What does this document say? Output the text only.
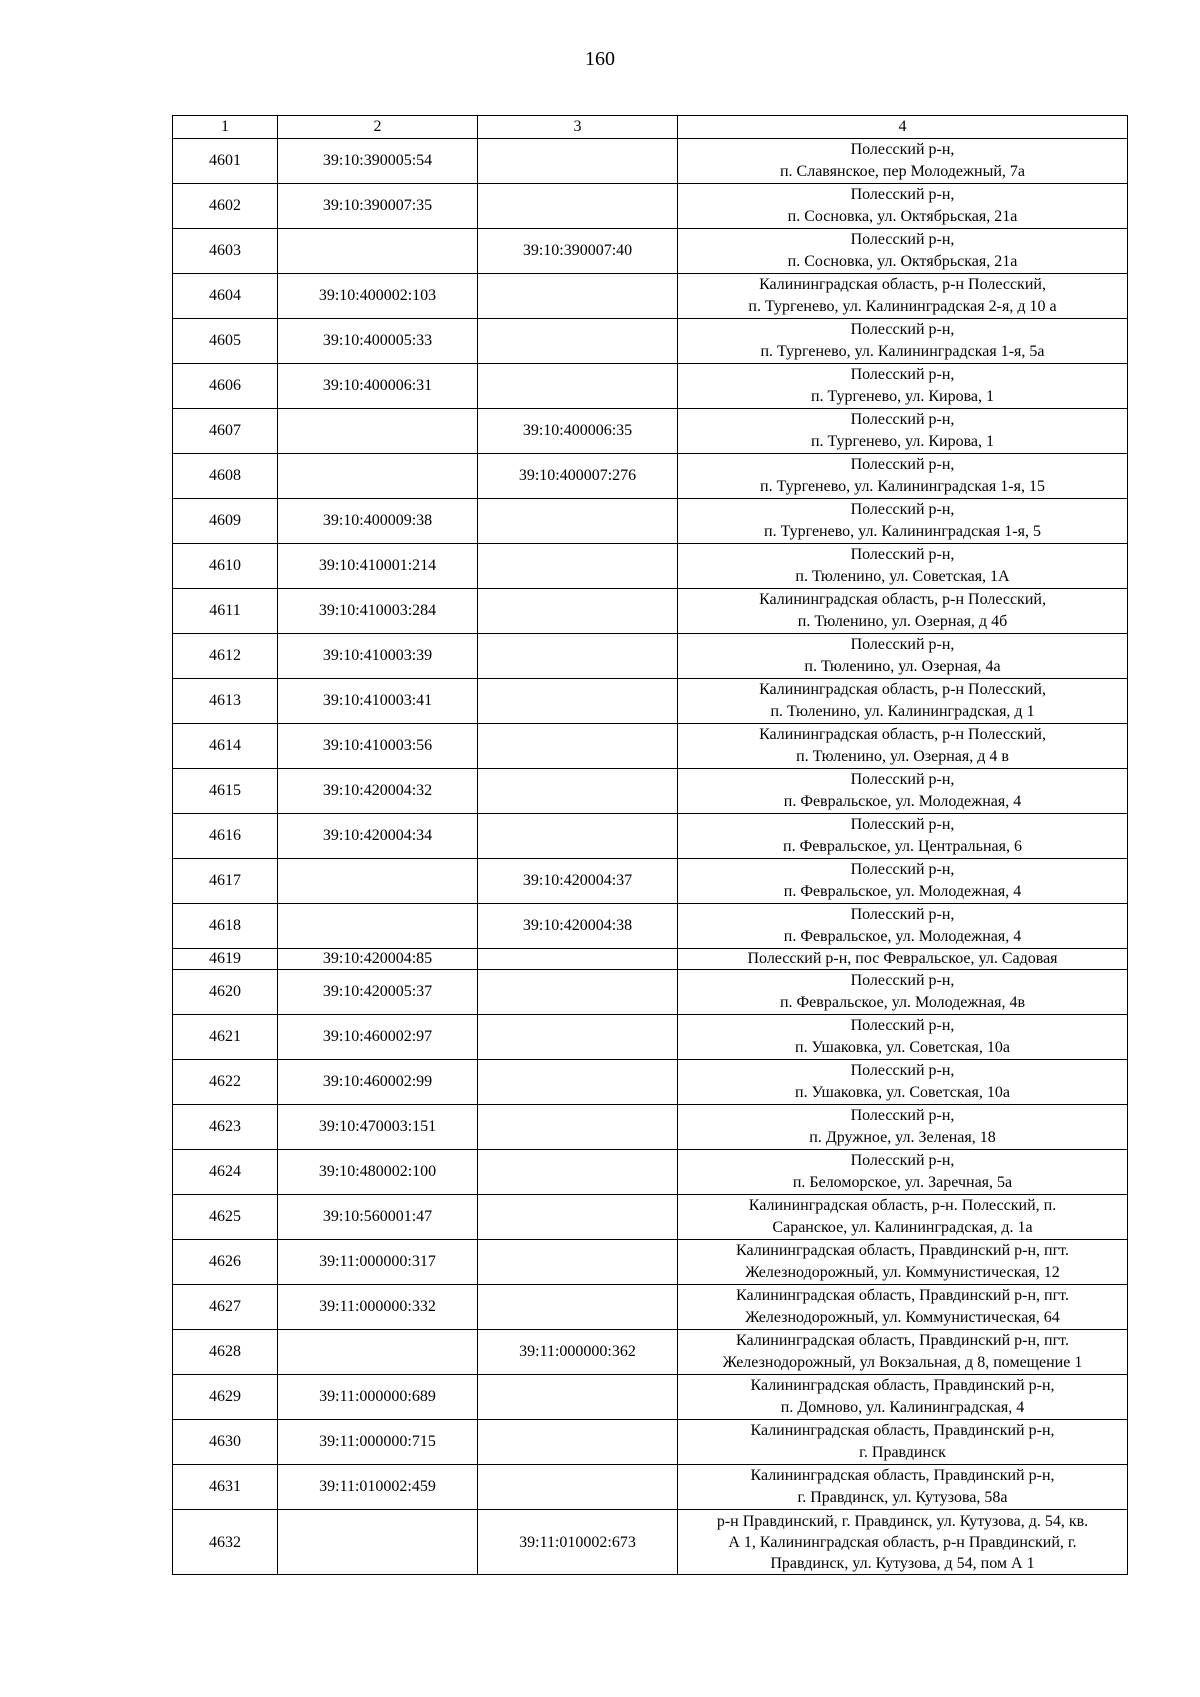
160
1	2	3	4
4601	39:10:390005:54		Полесский р-н,
п. Славянское, пер Молодежный, 7а

4602	39:10:390007:35		Полесский р-н,
п. Сосновка, ул. Октябрьская, 21а

4603		39:10:390007:40	Полесский р-н,
п. Сосновка, ул. Октябрьская, 21а

4604	39:10:400002:103		Калининградская область, р-н Полесский,
п. Тургенево, ул. Калининградская 2-я, д 10 а

4605	39:10:400005:33		Полесский р-н,
п. Тургенево, ул. Калининградская 1-я, 5а

4606	39:10:400006:31		Полесский р-н,
п. Тургенево, ул. Кирова, 1

4607		39:10:400006:35	Полесский р-н,
п. Тургенево, ул. Кирова, 1

4608		39:10:400007:276	Полесский р-н,
п. Тургенево, ул. Калининградская 1-я, 15

4609	39:10:400009:38		Полесский р-н,
п. Тургенево, ул. Калининградская 1-я, 5

4610	39:10:410001:214		Полесский р-н,
п. Тюленино, ул. Советская, 1А

4611	39:10:410003:284		Калининградская область, р-н Полесский,
п. Тюленино, ул. Озерная, д 4б

4612	39:10:410003:39		Полесский р-н,
п. Тюленино, ул. Озерная, 4а

4613	39:10:410003:41		Калининградская область, р-н Полесский,
п. Тюленино, ул. Калининградская, д 1

4614	39:10:410003:56		Калининградская область, р-н Полесский,
п. Тюленино, ул. Озерная, д 4 в

4615	39:10:420004:32		Полесский р-н,
п. Февральское, ул. Молодежная, 4

4616	39:10:420004:34		Полесский р-н,
п. Февральское, ул. Центральная, 6

4617		39:10:420004:37	Полесский р-н,
п. Февральское, ул. Молодежная, 4

4618		39:10:420004:38	Полесский р-н,
п. Февральское, ул. Молодежная, 4

4619	39:10:420004:85		Полесский р-н, пос Февральское, ул. Садовая

4620	39:10:420005:37		Полесский р-н,
п. Февральское, ул. Молодежная, 4в

4621	39:10:460002:97		Полесский р-н,
п. Ушаковка, ул. Советская, 10а

4622	39:10:460002:99		Полесский р-н,
п. Ушаковка, ул. Советская, 10а

4623	39:10:470003:151		Полесский р-н,
п. Дружное, ул. Зеленая, 18

4624	39:10:480002:100		Полесский р-н,
п. Беломорское, ул. Заречная, 5а

4625	39:10:560001:47		Калининградская область, р-н. Полесский, п.
Саранское, ул. Калининградская, д. 1а

4626	39:11:000000:317		Калининградская область, Правдинский р-н, пгт.
Железнодорожный, ул. Коммунистическая, 12

4627	39:11:000000:332		Калининградская область, Правдинский р-н, пгт.
Железнодорожный, ул. Коммунистическая, 64

4628		39:11:000000:362	Калининградская область, Правдинский р-н, пгт.
Железнодорожный, ул Вокзальная, д 8, помещение 1

4629	39:11:000000:689		Калининградская область, Правдинский р-н,
п. Домново, ул. Калининградская, 4

4630	39:11:000000:715		Калининградская область, Правдинский р-н,
г. Правдинск

4631	39:11:010002:459		Калининградская область, Правдинский р-н,
г. Правдинск, ул. Кутузова, 58а

4632		39:11:010002:673	р-н Правдинский, г. Правдинск, ул. Кутузова, д. 54, кв.
А 1, Калининградская область, р-н Правдинский, г.
Правдинск, ул. Кутузова, д 54, пом А 1
